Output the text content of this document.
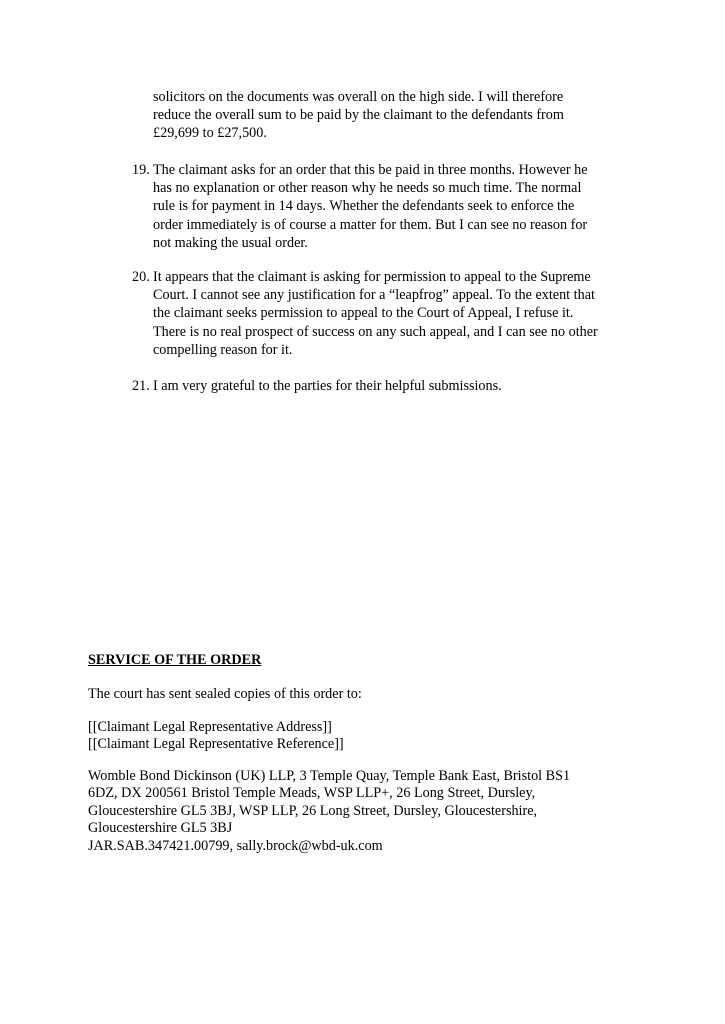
solicitors on the documents was overall on the high side. I will therefore
reduce the overall sum to be paid by the claimant to the defendants from
£29,699 to £27,500.
19. The claimant asks for an order that this be paid in three months. However he
has no explanation or other reason why he needs so much time. The normal
rule is for payment in 14 days. Whether the defendants seek to enforce the
order immediately is of course a matter for them. But I can see no reason for
not making the usual order.
20. It appears that the claimant is asking for permission to appeal to the Supreme
Court. I cannot see any justification for a “leapfrog” appeal. To the extent that
the claimant seeks permission to appeal to the Court of Appeal, I refuse it.
There is no real prospect of success on any such appeal, and I can see no other
compelling reason for it.
21. I am very grateful to the parties for their helpful submissions.
SERVICE OF THE ORDER
The court has sent sealed copies of this order to:
[[Claimant Legal Representative Address]]
[[Claimant Legal Representative Reference]]
Womble Bond Dickinson (UK) LLP, 3 Temple Quay, Temple Bank East, Bristol BS1
6DZ, DX 200561 Bristol Temple Meads, WSP LLP+, 26 Long Street, Dursley,
Gloucestershire GL5 3BJ, WSP LLP, 26 Long Street, Dursley, Gloucestershire,
Gloucestershire GL5 3BJ
JAR.SAB.347421.00799, sally.brock@wbd-uk.com
